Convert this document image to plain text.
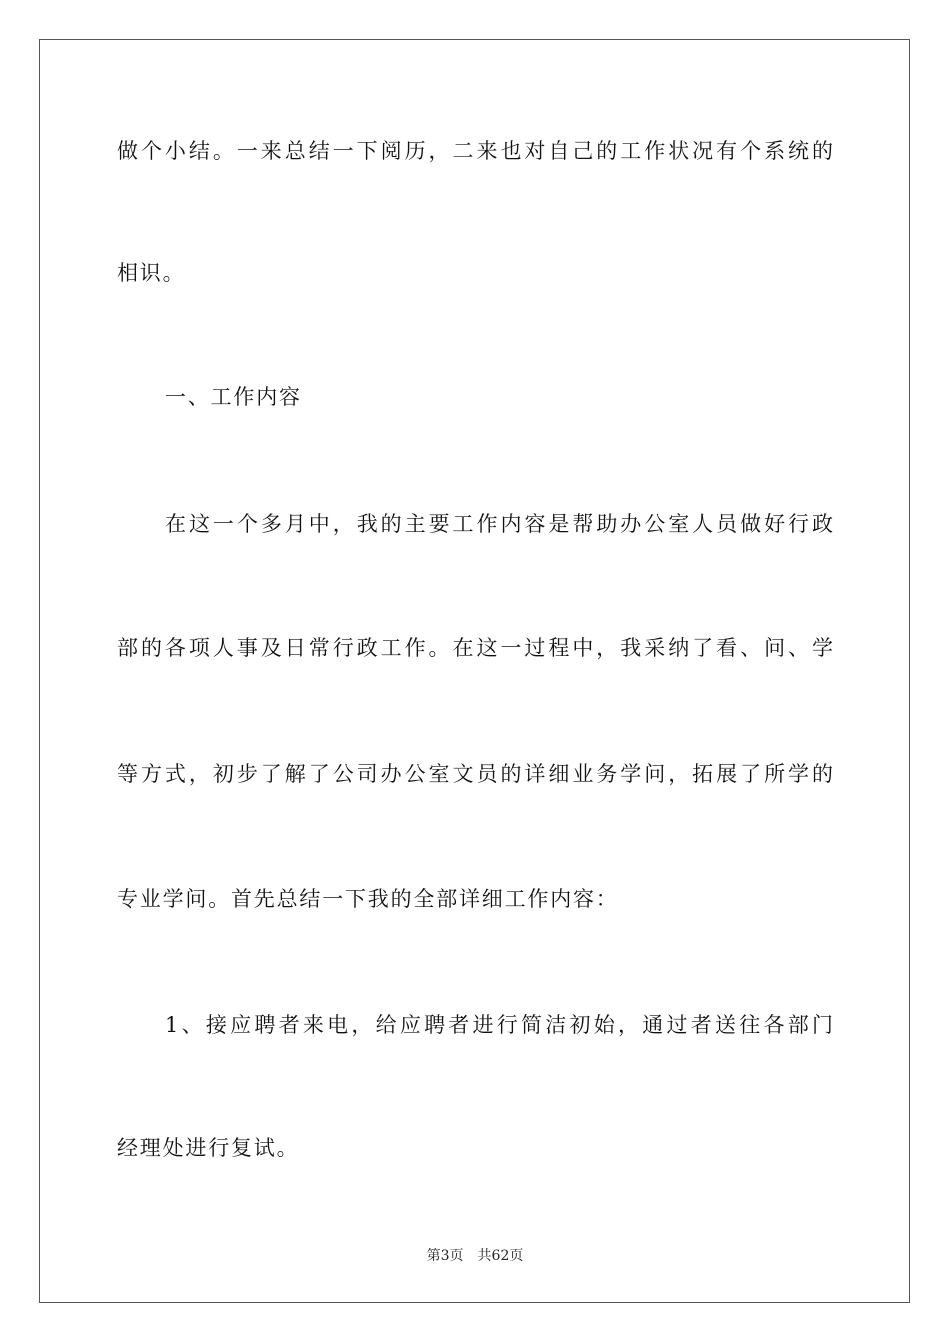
做个小结。一来总结一下阅历，二来也对自己的工作状况有个系统的
相识。
一、工作内容
在这一个多月中，我的主要工作内容是帮助办公室人员做好行政
部的各项人事及日常行政工作。在这一过程中，我采纳了看、问、学
等方式，初步了解了公司办公室文员的详细业务学问，拓展了所学的
专业学问。首先总结一下我的全部详细工作内容：
1、接应聘者来电，给应聘者进行简洁初始，通过者送往各部门
经理处进行复试。
第3页 共62页
